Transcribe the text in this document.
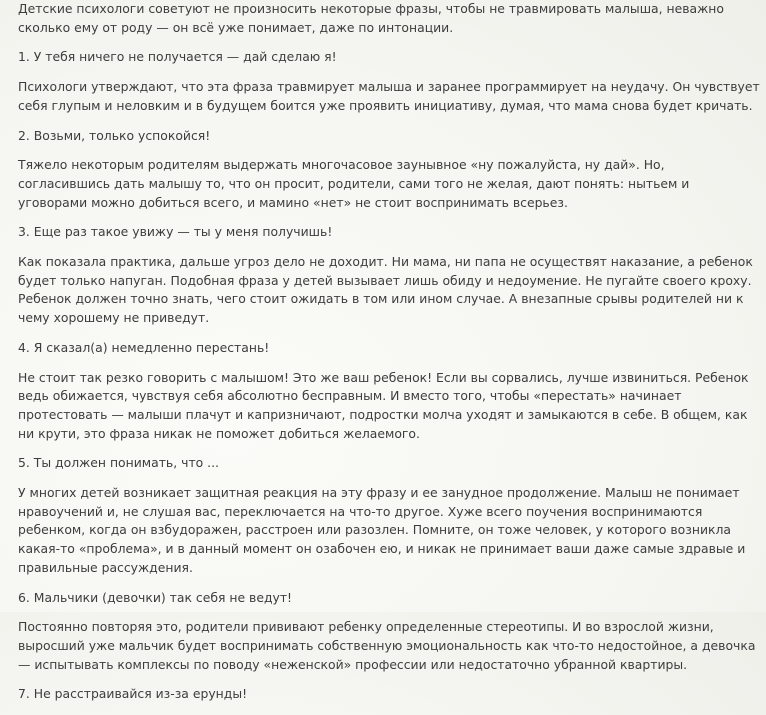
Детские психологи советуют не произносить некоторые фразы, чтобы не травмировать малыша, неважно сколько ему от роду — он всё уже понимает, даже по интонации.

1. У тебя ничего не получается — дай сделаю я!

Психологи утверждают, что эта фраза травмирует малыша и заранее программирует на неудачу. Он чувствует себя глупым и неловким и в будущем боится уже проявить инициативу, думая, что мама снова будет кричать.

2. Возьми, только успокойся!

Тяжело некоторым родителям выдержать многочасовое заунывное «ну пожалуйста, ну дай». Но, согласившись дать малышу то, что он просит, родители, сами того не желая, дают понять: нытьем и уговорами можно добиться всего, и мамино «нет» не стоит воспринимать всерьез.

3. Еще раз такое увижу — ты у меня получишь!

Как показала практика, дальше угроз дело не доходит. Ни мама, ни папа не осуществят наказание, а ребенок будет только напуган. Подобная фраза у детей вызывает лишь обиду и недоумение. Не пугайте своего кроху. Ребенок должен точно знать, чего стоит ожидать в том или ином случае. А внезапные срывы родителей ни к чему хорошему не приведут.

4. Я сказал(а) немедленно перестань!

Не стоит так резко говорить с малышом! Это же ваш ребенок! Если вы сорвались, лучше извиниться. Ребенок ведь обижается, чувствуя себя абсолютно бесправным. И вместо того, чтобы «перестать» начинает протестовать — малыши плачут и капризничают, подростки молча уходят и замыкаются в себе. В общем, как ни крути, это фраза никак не поможет добиться желаемого.

5. Ты должен понимать, что ...

У многих детей возникает защитная реакция на эту фразу и ее занудное продолжение. Малыш не понимает нравоучений и, не слушая вас, переключается на что-то другое. Хуже всего поучения воспринимаются ребенком, когда он взбудоражен, расстроен или разозлен. Помните, он тоже человек, у которого возникла какая-то «проблема», и в данный момент он озабочен ею, и никак не принимает ваши даже самые здравые и правильные рассуждения.

6. Мальчики (девочки) так себя не ведут!

Постоянно повторяя это, родители прививают ребенку определенные стереотипы. И во взрослой жизни, выросший уже мальчик будет воспринимать собственную эмоциональность как что-то недостойное, а девочка — испытывать комплексы по поводу «неженской» профессии или недостаточно убранной квартиры.

7. Не расстраивайся из-за ерунды!
